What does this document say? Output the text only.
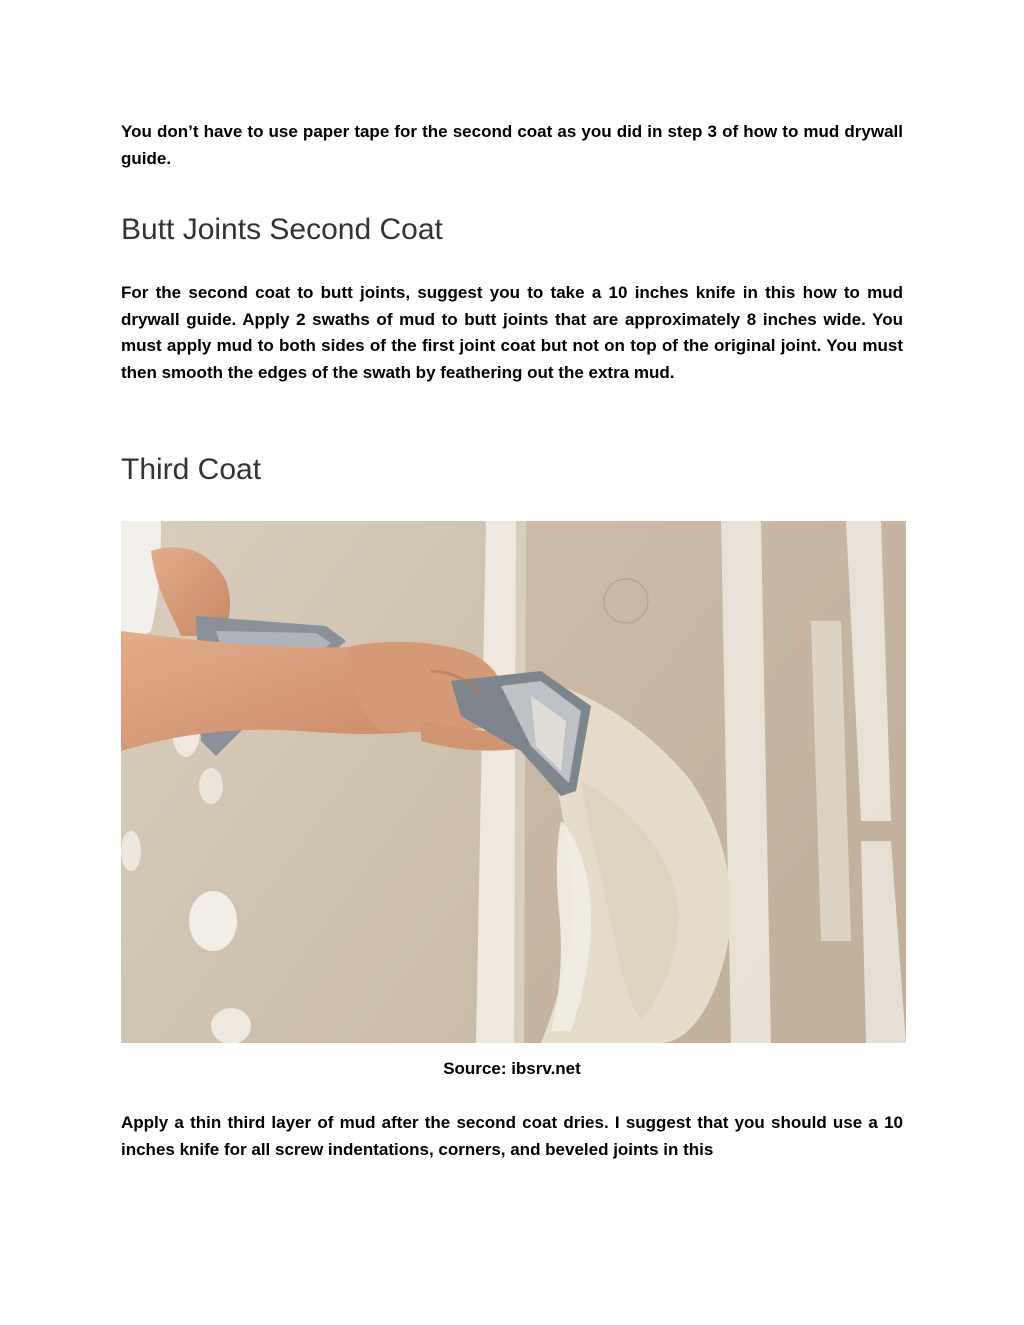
You don’t have to use paper tape for the second coat as you did in step 3 of how to mud drywall guide.

Butt Joints Second Coat

For the second coat to butt joints, suggest you to take a 10 inches knife in this how to mud drywall guide. Apply 2 swaths of mud to butt joints that are approximately 8 inches wide. You must apply mud to both sides of the first joint coat but not on top of the original joint. You must then smooth the edges of the swath by feathering out the extra mud.

Third Coat

Apply a thin third layer of mud after the second coat dries. I suggest that you should use a 10 inches knife for all screw indentations, corners, and beveled joints in this

Source: ibsrv.net
